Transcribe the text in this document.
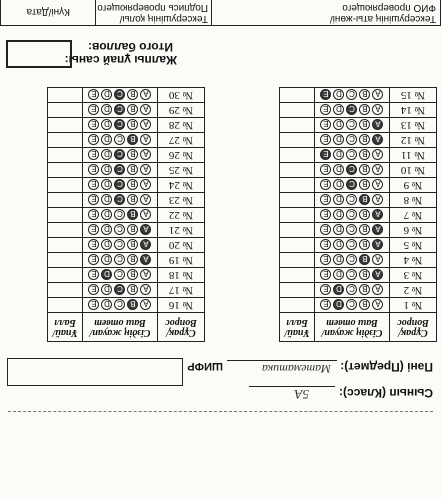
Сынып (Класс):
5А
Пəні (Предмет):
Математика
ШИФР
Сұрақ/
Вопрос	Сіздің жауап/
Ваш ответ	Ұпай/
Балл
№ 1	ABCDE	
№ 2	ABCDE	
№ 3	ABCDE	
№ 4	ABCDE	
№ 5	ABCDE	
№ 6	ABCDE	
№ 7	ABCDE	
№ 8	ABCDE	
№ 9	ABCDE	
№ 10	ABCDE	
№ 11	ABCDE	
№ 12	ABCDE	
№ 13	ABCDE	
№ 14	ABCDE	
№ 15	ABCDE	
Сұрақ/
Вопрос	Сіздің жауап/
Ваш ответ	Ұпай/
Балл
№ 16	ABCDE	
№ 17	ABCDE	
№ 18	ABCDE	
№ 19	ABCDE	
№ 20	ABCDE	
№ 21	ABCDE	
№ 22	ABCDE	
№ 23	ABCDE	
№ 24	ABCDE	
№ 25	ABCDE	
№ 26	ABCDE	
№ 27	ABCDE	
№ 28	ABCDE	
№ 29	ABCDE	
№ 30	ABCDE	
Жалпы ұпай саны:
Итого баллов:
Тексерушінің аты-жөні/
ФИО проверяющего
Тексерушінің қолы/
Подпись проверяющего
Күні/Дата
